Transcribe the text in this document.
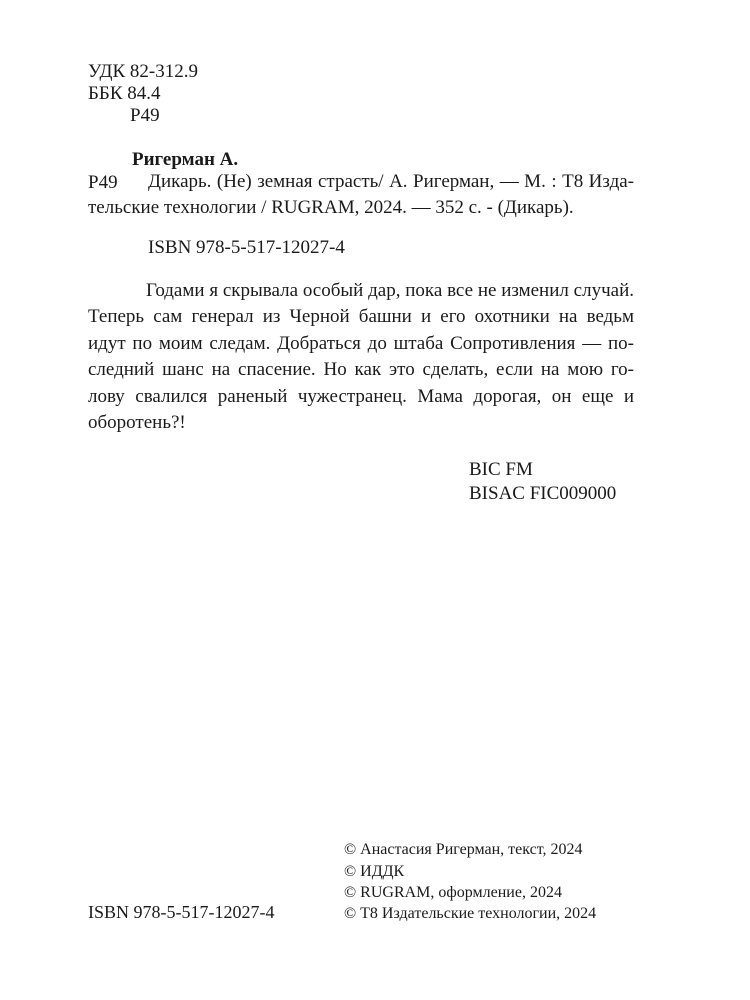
УДК 82-312.9
ББК 84.4
Р49
Ригерман А.
Р49	Дикарь. (Не) земная страсть/ А. Ригерман, — М. : Т8 Изда-
тельские технологии / RUGRAM, 2024. — 352 с. - (Дикарь).
ISBN 978-5-517-12027-4
Годами я скрывала особый дар, пока все не изменил случай.
Теперь сам генерал из Черной башни и его охотники на ведьм
идут по моим следам. Добраться до штаба Сопротивления — по-
следний шанс на спасение. Но как это сделать, если на мою го-
лову свалился раненый чужестранец. Мама дорогая, он еще и
оборотень?!
BIC FM
BISAC FIC009000
ISBN 978-5-517-12027-4
© Анастасия Ригерман, текст, 2024
© ИДДК
© RUGRAM, оформление, 2024
© Т8 Издательские технологии, 2024
